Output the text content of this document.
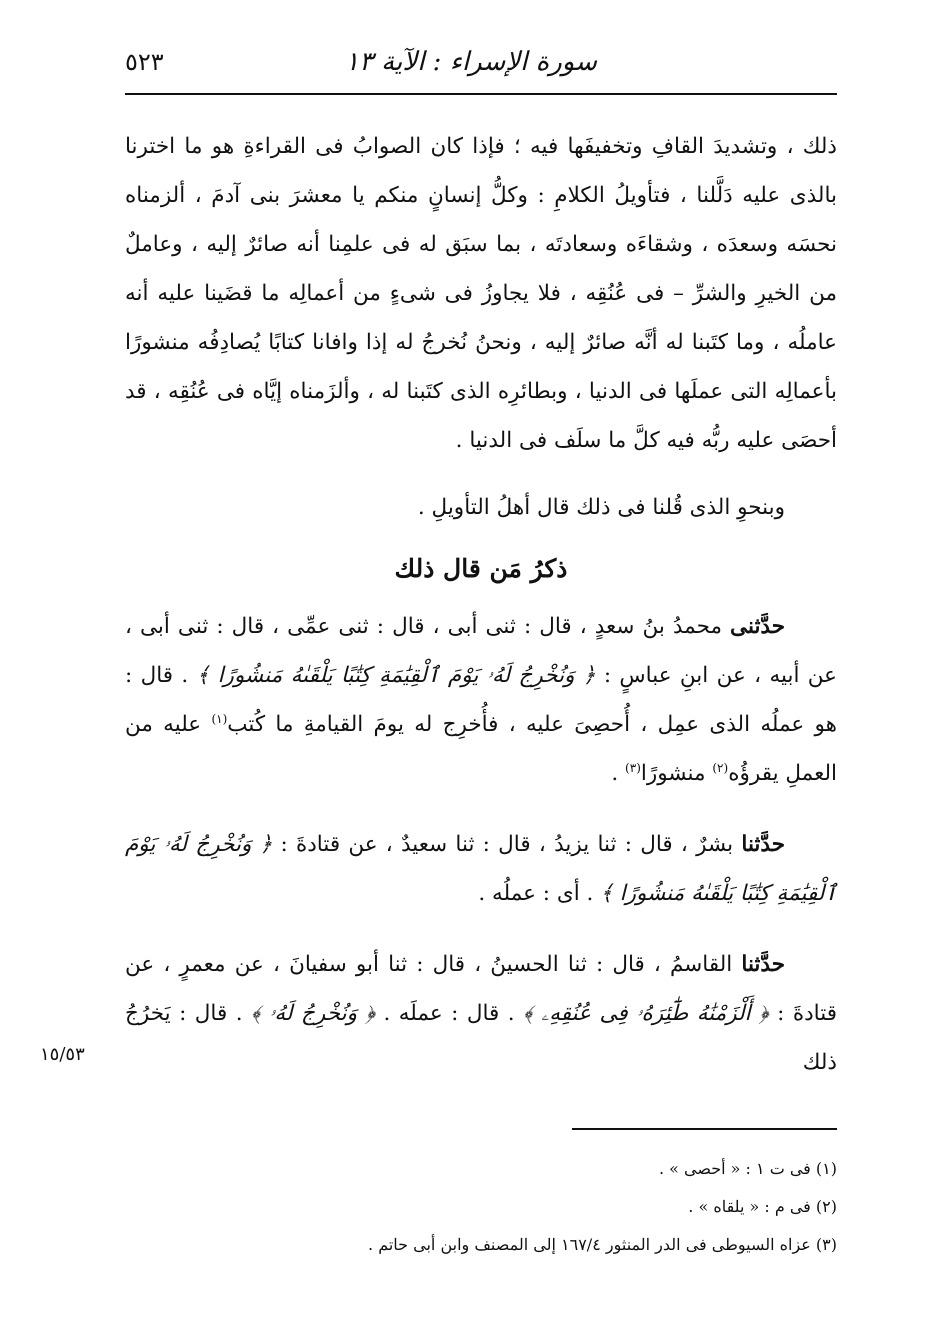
سورة الإسراء : الآية ١٣
٥٢٣

ذلك ، وتشديدَ القافِ وتخفيفَها فيه ؛ فإذا كان الصوابُ فى القراءةِ هو ما اخترنا بالذى عليه دَلَّلنا ، فتأويلُ الكلامِ : وكلُّ إنسانٍ منكم يا معشرَ بنى آدمَ ، ألزمناه نحسَه وسعدَه ، وشقاءَه وسعادتَه ، بما سبَق له فى علمِنا أنه صائرٌ إليه ، وعاملٌ من الخيرِ والشرِّ – فى عُنُقِه ، فلا يجاوزُ فى شىءٍ من أعمالِه ما قضَينا عليه أنه عاملُه ، وما كتَبنا له أنَّه صائرٌ إليه ، ونحنُ نُخرجُ له إذا وافانا كتابًا يُصادِفُه منشورًا بأعمالِه التى عملَها فى الدنيا ، وبطائرِه الذى كتَبنا له ، وألزَمناه إيَّاه فى عُنُقِه ، قد أحصَى عليه ربُّه فيه كلَّ ما سلَف فى الدنيا .

وبنحوِ الذى قُلنا فى ذلك قال أهلُ التأويلِ .

ذكرُ مَن قال ذلك

حدَّثنى محمدُ بنُ سعدٍ ، قال : ثنى أبى ، قال : ثنى عمِّى ، قال : ثنى أبى ، عن أبيه ، عن ابنِ عباسٍ : ﴿ وَنُخْرِجُ لَهُۥ يَوْمَ ٱلْقِيَٰمَةِ كِتَٰبًا يَلْقَىٰهُ مَنشُورًا ﴾ . قال : هو عملُه الذى عمِل ، أُحصِىَ عليه ، فأُخرِج له يومَ القيامةِ ما كُتب$^{(١)}$ عليه من العملِ يقرؤُه$^{(٢)}$ منشورًا$^{(٣)}$ .

حدَّثنا بشرٌ ، قال : ثنا يزيدُ ، قال : ثنا سعيدٌ ، عن قتادةَ : ﴿ وَنُخْرِجُ لَهُۥ يَوْمَ ٱلْقِيَٰمَةِ كِتَٰبًا يَلْقَىٰهُ مَنشُورًا ﴾ . أى : عملُه .

حدَّثنا القاسمُ ، قال : ثنا الحسينُ ، قال : ثنا أبو سفيانَ ، عن معمرٍ ، عن قتادةَ : ﴿ أَلْزَمْنَٰهُ طَٰٓئِرَهُۥ فِى عُنُقِهِۦ ﴾ . قال : عملَه . ﴿ وَنُخْرِجُ لَهُۥ ﴾ . قال : يَخرُجُ ذلك

١٥/٥٣
(١) فى ت ١ : « أحصى » .
(٢) فى م : « يلقاه » .
(٣) عزاه السيوطى فى الدر المنثور ١٦٧/٤ إلى المصنف وابن أبى حاتم .
